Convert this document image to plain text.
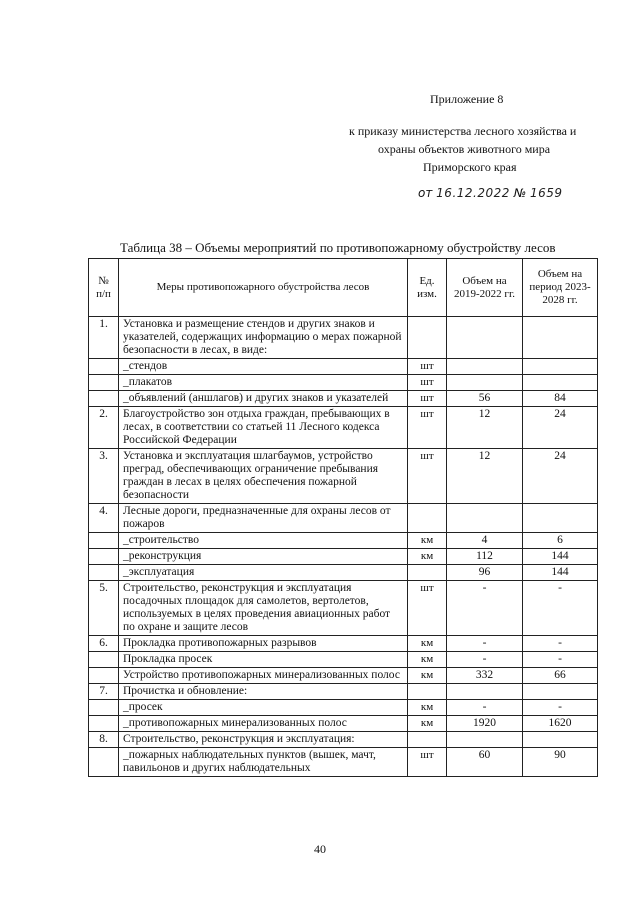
Приложение 8
к приказу министерства лесного хозяйства и
охраны объектов животного мира
Приморского края
от 16.12.2022 № 1659
Таблица 38 – Объемы мероприятий по противопожарному обустройству лесов
№ п/п	Меры противопожарного обустройства лесов	Ед. изм.	Объем на 2019-2022 гг.	Объем на период 2023-2028 гг.
1.	Установка и размещение стендов и других знаков и указателей, содержащих информацию о мерах пожарной безопасности в лесах, в виде:			
	_стендов	шт		
	_плакатов	шт		
	_объявлений (аншлагов) и других знаков и указателей	шт	56	84
2.	Благоустройство зон отдыха граждан, пребывающих в лесах, в соответствии со статьей 11 Лесного кодекса Российской Федерации	шт	12	24
3.	Установка и эксплуатация шлагбаумов, устройство преград, обеспечивающих ограничение пребывания граждан в лесах в целях обеспечения пожарной безопасности	шт	12	24
4.	Лесные дороги, предназначенные для охраны лесов от пожаров			
	_строительство	км	4	6
	_реконструкция	км	112	144
	_эксплуатация		96	144
5.	Строительство, реконструкция и эксплуатация посадочных площадок для самолетов, вертолетов, используемых в целях проведения авиационных работ по охране и защите лесов	шт	-	-
6.	Прокладка противопожарных разрывов	км	-	-
	Прокладка просек	км	-	-
	Устройство противопожарных минерализованных полос	км	332	66
7.	Прочистка и обновление:			
	_просек	км	-	-
	_противопожарных минерализованных полос	км	1920	1620
8.	Строительство, реконструкция и эксплуатация:			
	_пожарных наблюдательных пунктов (вышек, мачт, павильонов и других наблюдательных	шт	60	90
40
